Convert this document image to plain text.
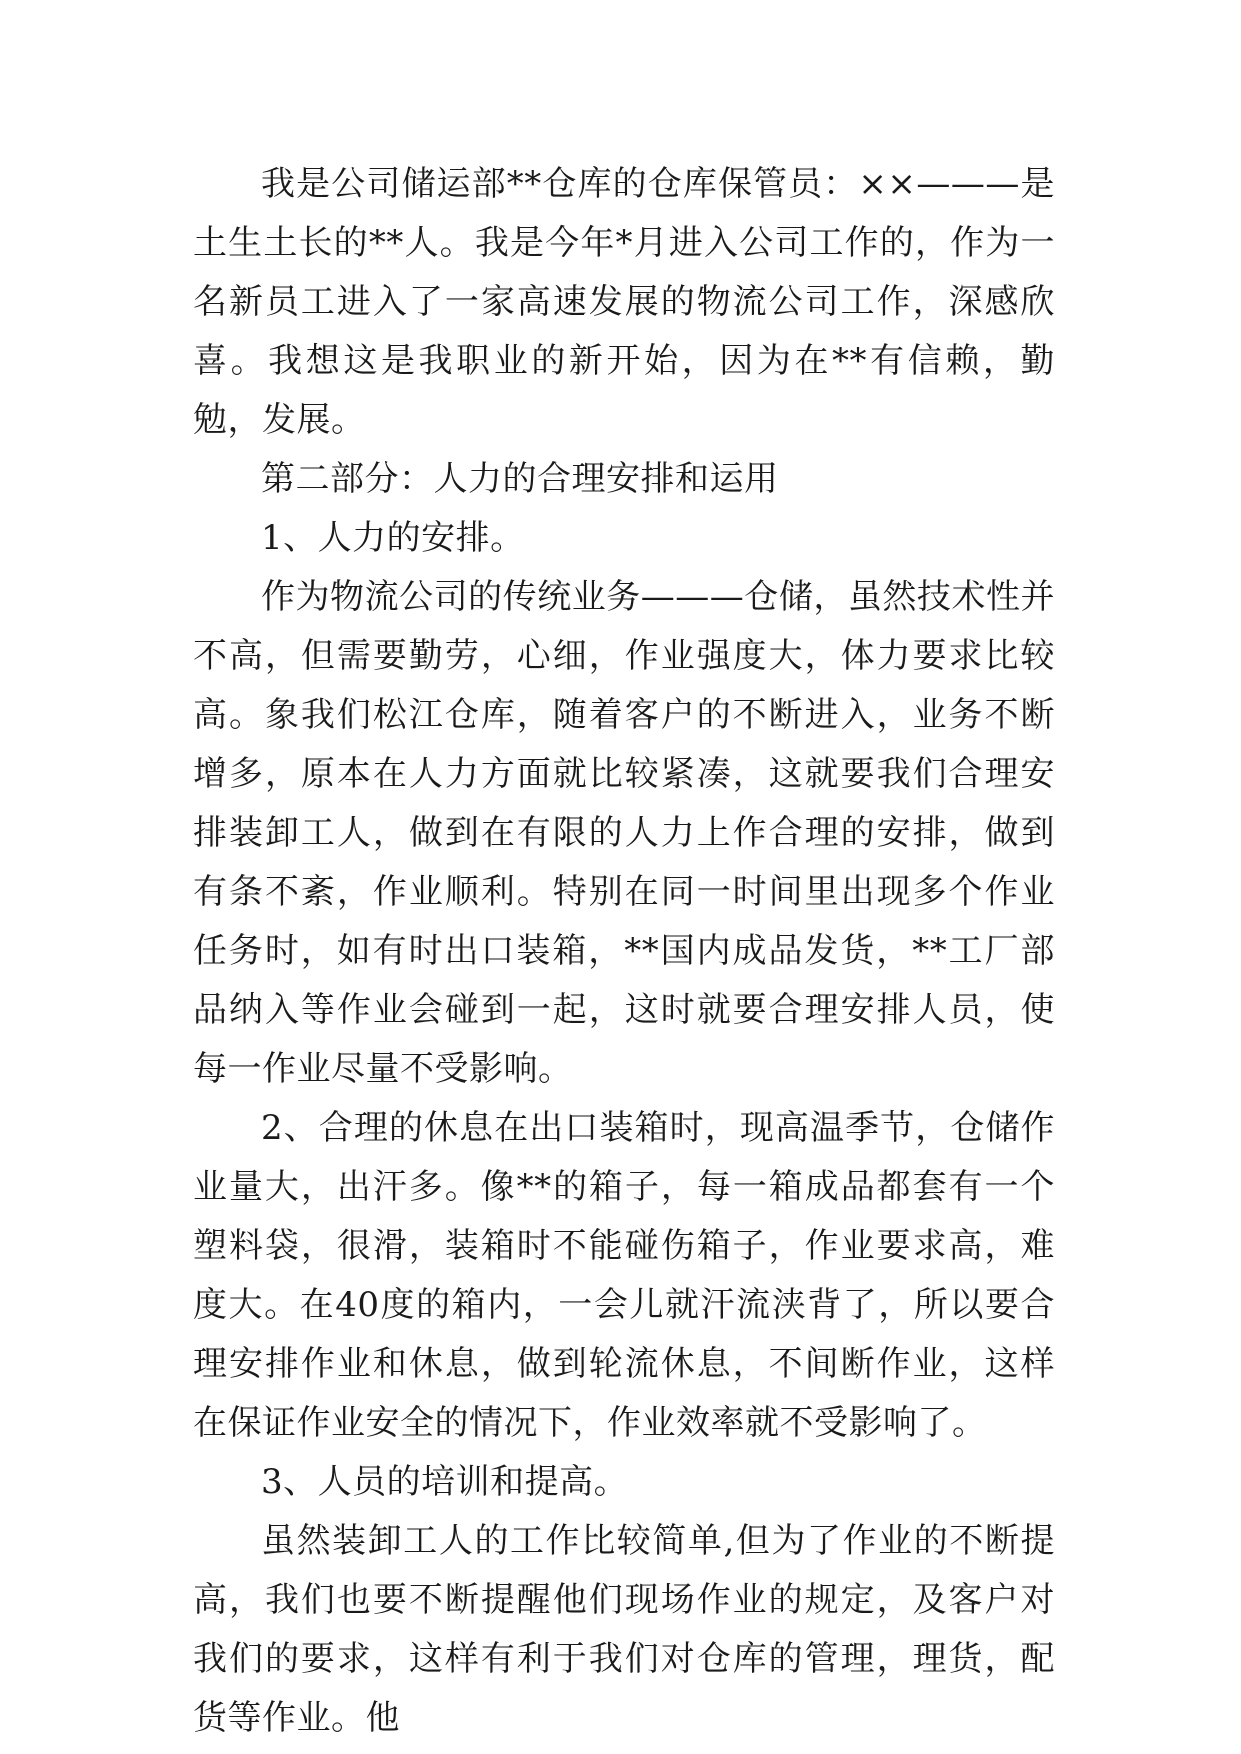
我是公司储运部**仓库的仓库保管员：××———是土生土长的**人。我是今年*月进入公司工作的，作为一名新员工进入了一家高速发展的物流公司工作，深感欣喜。我想这是我职业的新开始，因为在**有信赖，勤勉，发展。

第二部分：人力的合理安排和运用

1、人力的安排。

作为物流公司的传统业务———仓储，虽然技术性并不高，但需要勤劳，心细，作业强度大，体力要求比较高。象我们松江仓库，随着客户的不断进入，业务不断增多，原本在人力方面就比较紧凑，这就要我们合理安排装卸工人，做到在有限的人力上作合理的安排，做到有条不紊，作业顺利。特别在同一时间里出现多个作业任务时，如有时出口装箱，**国内成品发货，**工厂部品纳入等作业会碰到一起，这时就要合理安排人员，使每一作业尽量不受影响。

2、合理的休息在出口装箱时，现高温季节，仓储作业量大，出汗多。像**的箱子，每一箱成品都套有一个塑料袋，很滑，装箱时不能碰伤箱子，作业要求高，难度大。在40度的箱内，一会儿就汗流浃背了，所以要合理安排作业和休息，做到轮流休息，不间断作业，这样在保证作业安全的情况下，作业效率就不受影响了。

3、人员的培训和提高。

虽然装卸工人的工作比较简单,但为了作业的不断提高，我们也要不断提醒他们现场作业的规定，及客户对我们的要求，这样有利于我们对仓库的管理，理货，配货等作业。他
